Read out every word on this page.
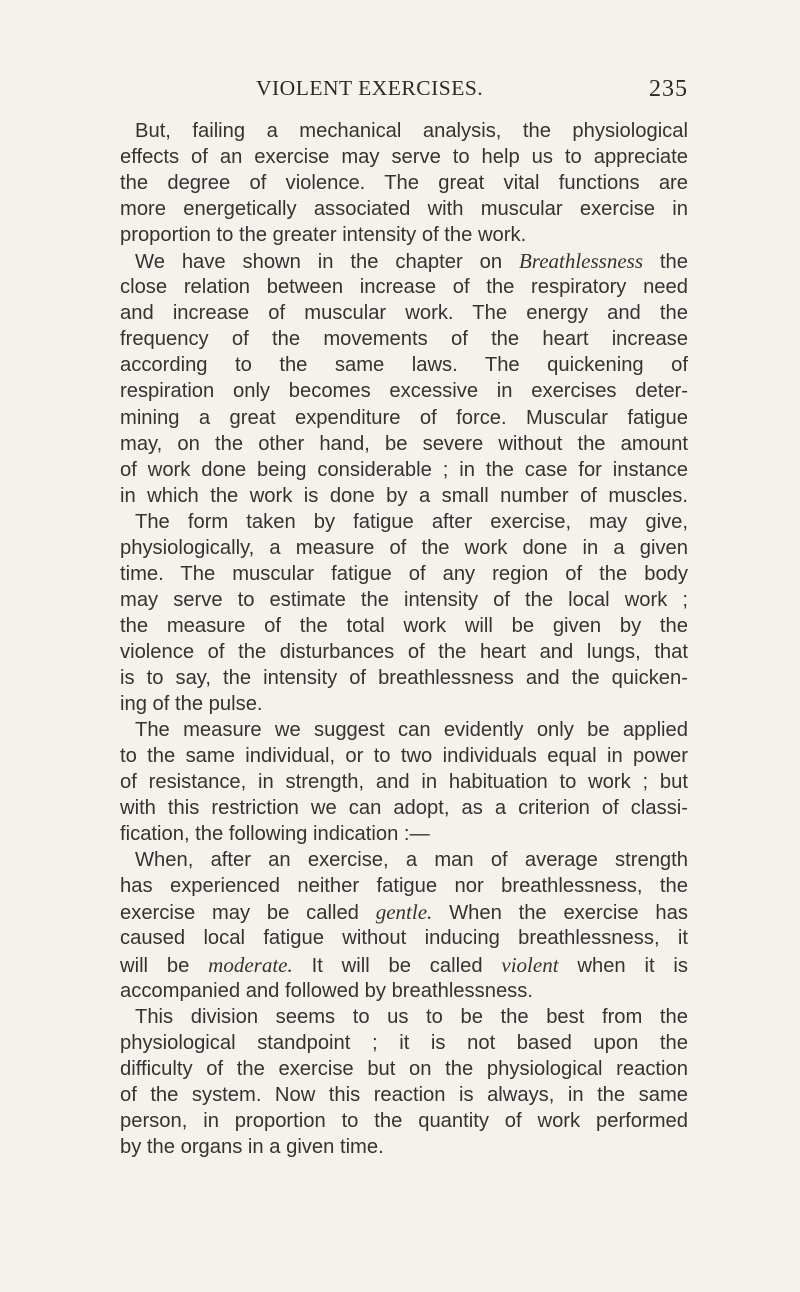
VIOLENT EXERCISES.	235
But, failing a mechanical analysis, the physiological
effects of an exercise may serve to help us to appreciate
the degree of violence. The great vital functions are
more energetically associated with muscular exercise in
proportion to the greater intensity of the work.
We have shown in the chapter on Breathlessness the
close relation between increase of the respiratory need
and increase of muscular work. The energy and the
frequency of the movements of the heart increase
according to the same laws. The quickening of
respiration only becomes excessive in exercises deter-
mining a great expenditure of force. Muscular fatigue
may, on the other hand, be severe without the amount
of work done being considerable ; in the case for instance
in which the work is done by a small number of muscles.
The form taken by fatigue after exercise, may give,
physiologically, a measure of the work done in a given
time. The muscular fatigue of any region of the body
may serve to estimate the intensity of the local work ;
the measure of the total work will be given by the
violence of the disturbances of the heart and lungs, that
is to say, the intensity of breathlessness and the quicken-
ing of the pulse.
The measure we suggest can evidently only be applied
to the same individual, or to two individuals equal in power
of resistance, in strength, and in habituation to work ; but
with this restriction we can adopt, as a criterion of classi-
fication, the following indication :—
When, after an exercise, a man of average strength
has experienced neither fatigue nor breathlessness, the
exercise may be called gentle. When the exercise has
caused local fatigue without inducing breathlessness, it
will be moderate. It will be called violent when it is
accompanied and followed by breathlessness.
This division seems to us to be the best from the
physiological standpoint ; it is not based upon the
difficulty of the exercise but on the physiological reaction
of the system. Now this reaction is always, in the same
person, in proportion to the quantity of work performed
by the organs in a given time.
